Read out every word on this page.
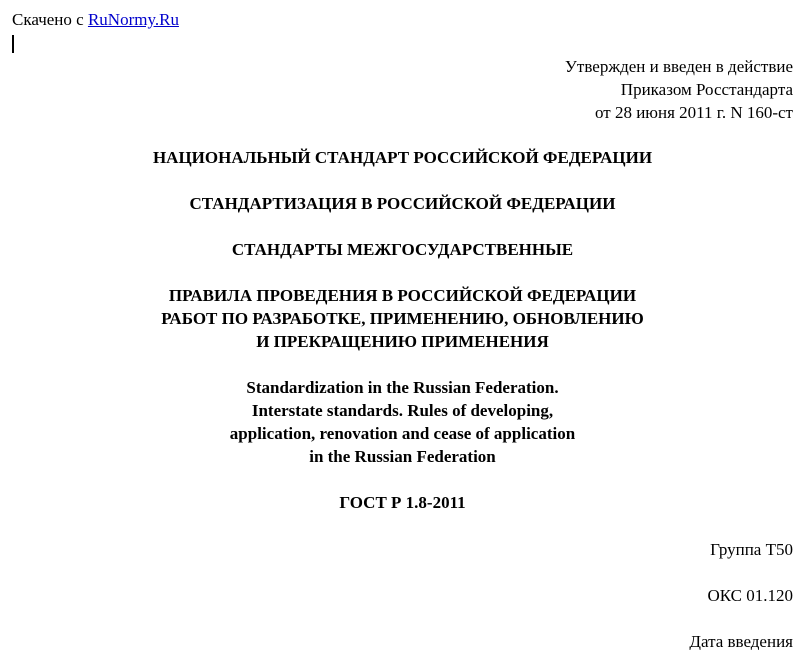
Скачено с RuNormy.Ru
Утвержден и введен в действие
Приказом Росстандарта
от 28 июня 2011 г. N 160-ст
НАЦИОНАЛЬНЫЙ СТАНДАРТ РОССИЙСКОЙ ФЕДЕРАЦИИ
СТАНДАРТИЗАЦИЯ В РОССИЙСКОЙ ФЕДЕРАЦИИ
СТАНДАРТЫ МЕЖГОСУДАРСТВЕННЫЕ
ПРАВИЛА ПРОВЕДЕНИЯ В РОССИЙСКОЙ ФЕДЕРАЦИИ
РАБОТ ПО РАЗРАБОТКЕ, ПРИМЕНЕНИЮ, ОБНОВЛЕНИЮ
И ПРЕКРАЩЕНИЮ ПРИМЕНЕНИЯ
Standardization in the Russian Federation.
Interstate standards. Rules of developing,
application, renovation and cease of application
in the Russian Federation
ГОСТ Р 1.8-2011
Группа Т50
ОКС 01.120
Дата введения
